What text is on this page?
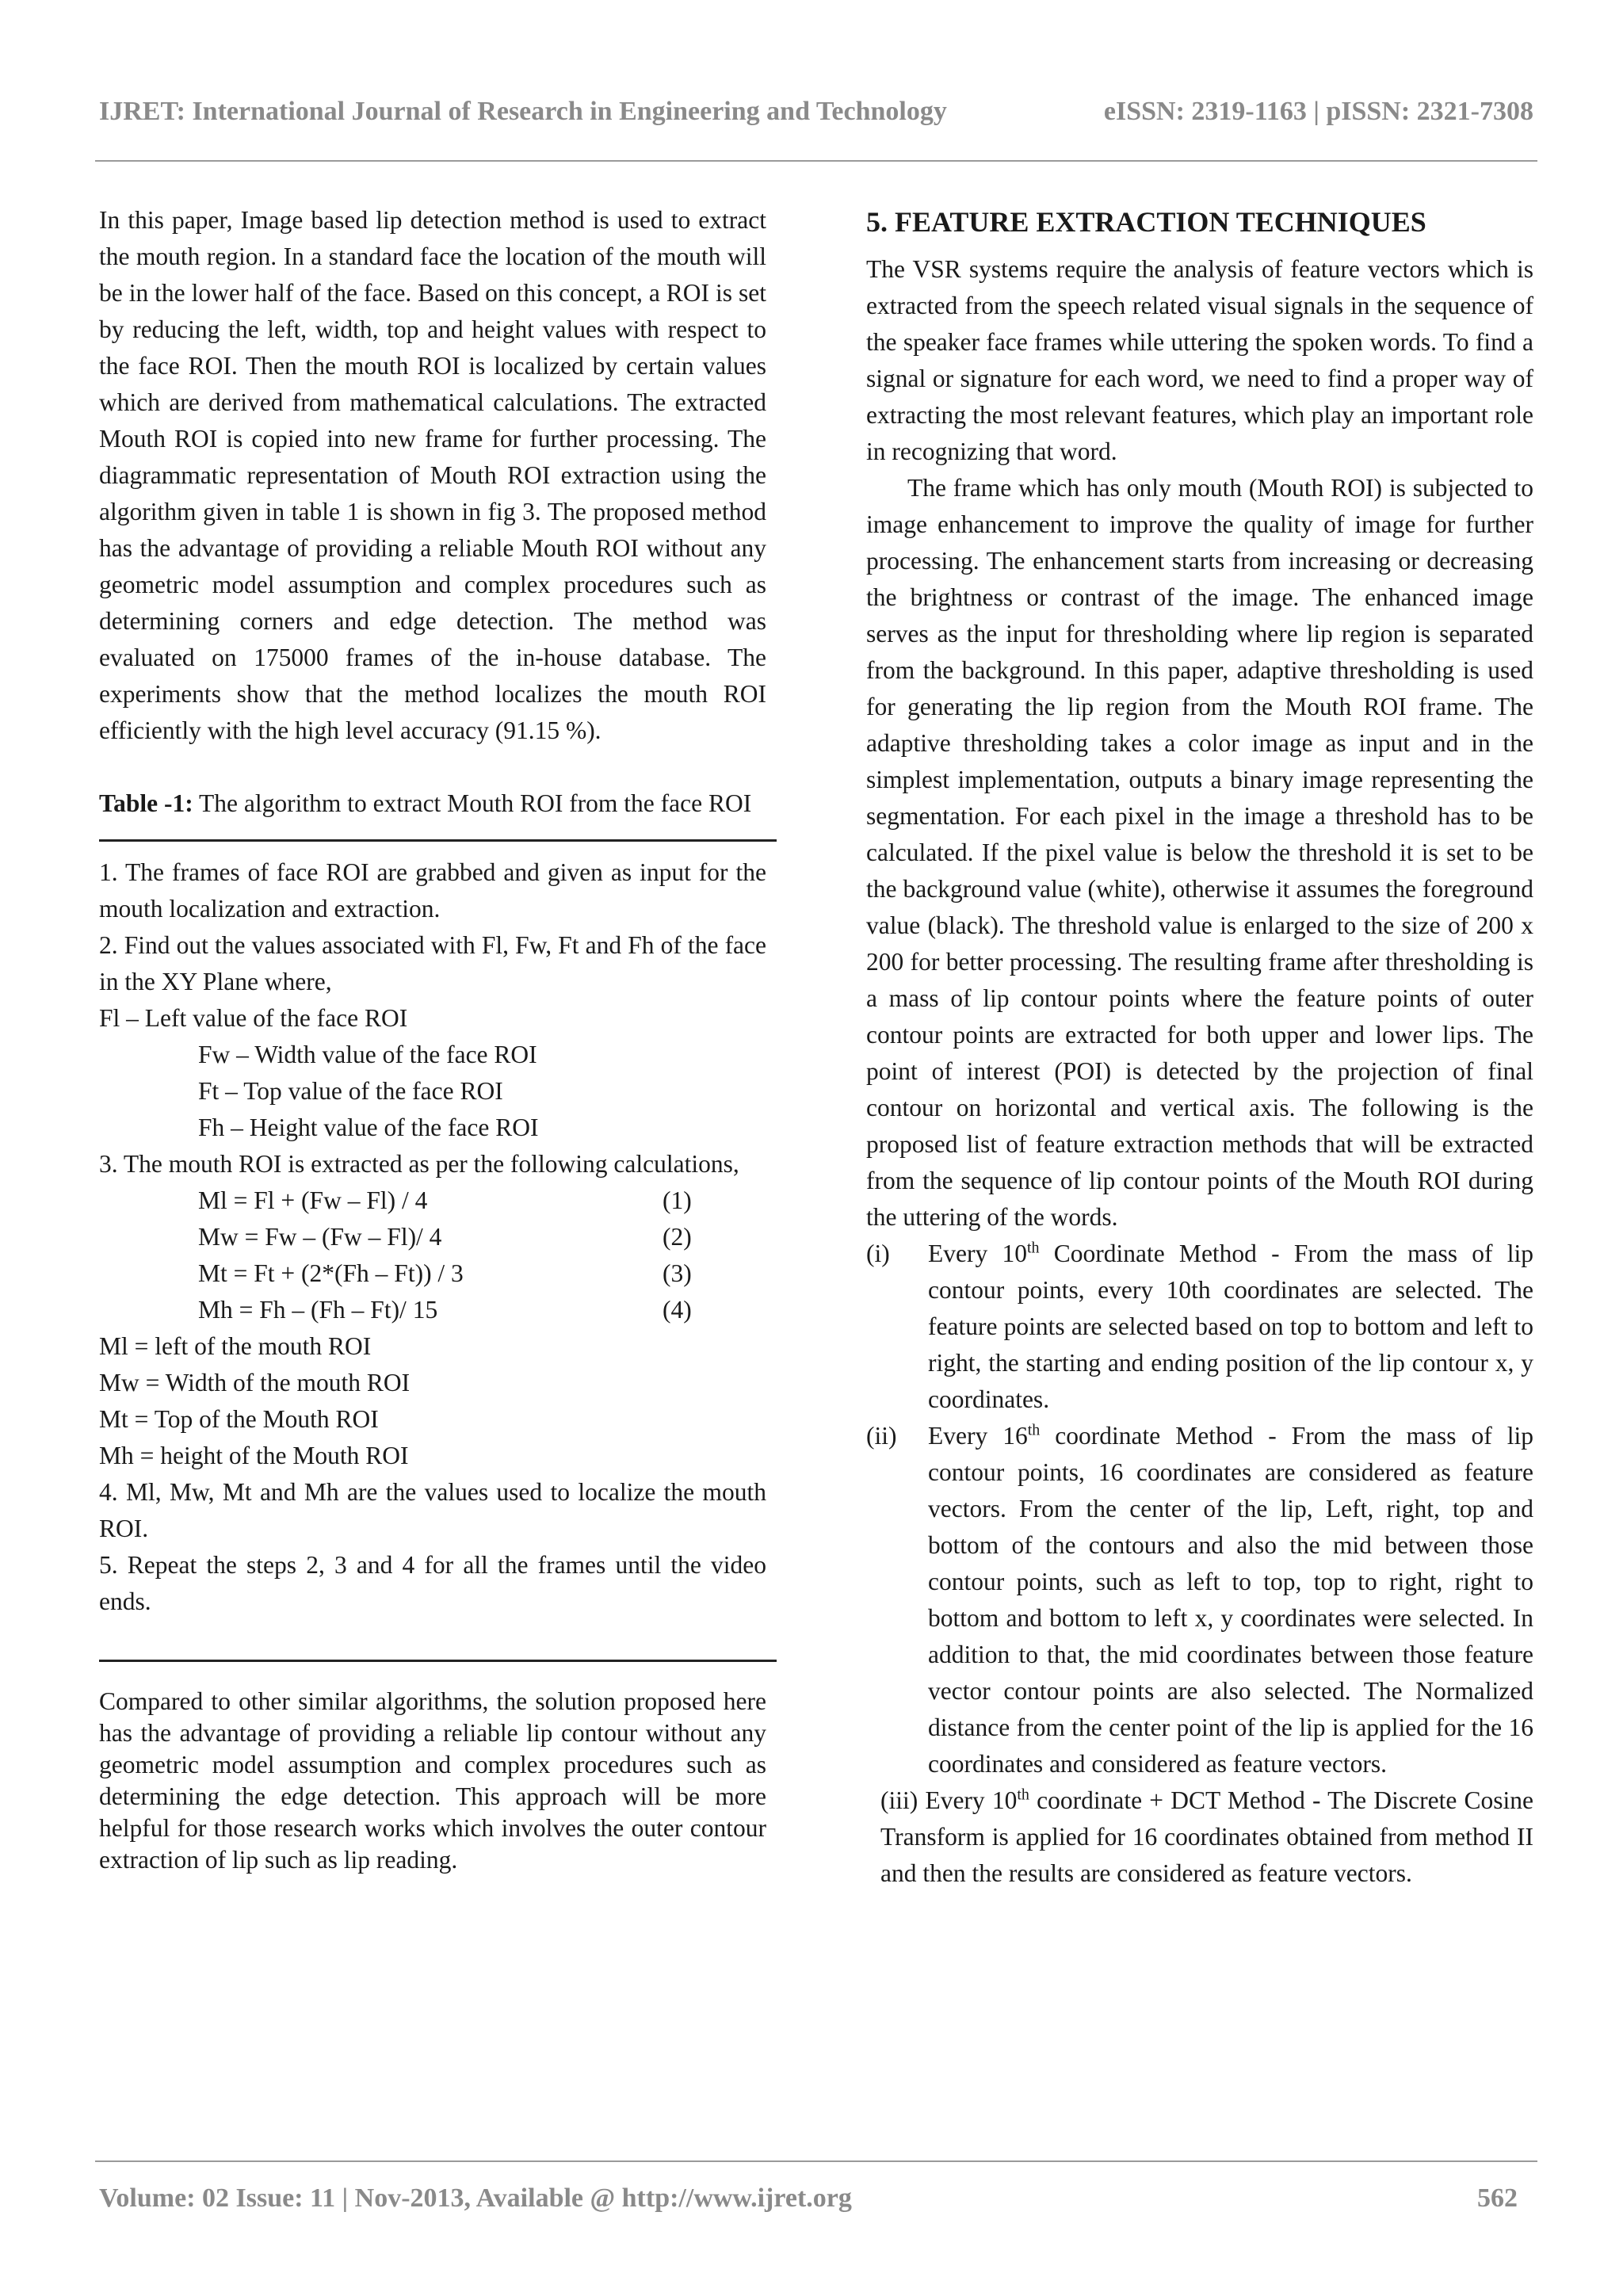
IJRET: International Journal of Research in Engineering and Technology	eISSN: 2319-1163 | pISSN: 2321-7308

In this paper, Image based lip detection method is used to extract the mouth region. In a standard face the location of the mouth will be in the lower half of the face. Based on this concept, a ROI is set by reducing the left, width, top and height values with respect to the face ROI. Then the mouth ROI is localized by certain values which are derived from mathematical calculations. The extracted Mouth ROI is copied into new frame for further processing. The diagrammatic representation of Mouth ROI extraction using the algorithm given in table 1 is shown in fig 3. The proposed method has the advantage of providing a reliable Mouth ROI without any geometric model assumption and complex procedures such as determining corners and edge detection. The method was evaluated on 175000 frames of the in-house database. The experiments show that the method localizes the mouth ROI efficiently with the high level accuracy (91.15 %).

Table -1: The algorithm to extract Mouth ROI from the face ROI

1. The frames of face ROI are grabbed and given as input for the mouth localization and extraction.
2. Find out the values associated with Fl, Fw, Ft and Fh of the face in the XY Plane where,
Fl – Left value of the face ROI
Fw – Width value of the face ROI
Ft – Top value of the face ROI
Fh – Height value of the face ROI
3. The mouth ROI is extracted as per the following calculations,
Ml = Fl + (Fw – Fl) / 4	(1)
Mw = Fw – (Fw – Fl)/ 4	(2)
Mt = Ft + (2*(Fh – Ft)) / 3	(3)
Mh = Fh – (Fh – Ft)/ 15	(4)
Ml = left of the mouth ROI
Mw = Width of the mouth ROI
Mt = Top of the Mouth ROI
Mh = height of the Mouth ROI
4. Ml, Mw, Mt and Mh are the values used to localize the mouth ROI.
5. Repeat the steps 2, 3 and 4 for all the frames until the video ends.

Compared to other similar algorithms, the solution proposed here has the advantage of providing a reliable lip contour without any geometric model assumption and complex procedures such as determining the edge detection. This approach will be more helpful for those research works which involves the outer contour extraction of lip such as lip reading.

5. FEATURE EXTRACTION TECHNIQUES

The VSR systems require the analysis of feature vectors which is extracted from the speech related visual signals in the sequence of the speaker face frames while uttering the spoken words. To find a signal or signature for each word, we need to find a proper way of extracting the most relevant features, which play an important role in recognizing that word.

The frame which has only mouth (Mouth ROI) is subjected to image enhancement to improve the quality of image for further processing. The enhancement starts from increasing or decreasing the brightness or contrast of the image. The enhanced image serves as the input for thresholding where lip region is separated from the background. In this paper, adaptive thresholding is used for generating the lip region from the Mouth ROI frame. The adaptive thresholding takes a color image as input and in the simplest implementation, outputs a binary image representing the segmentation. For each pixel in the image a threshold has to be calculated. If the pixel value is below the threshold it is set to be the background value (white), otherwise it assumes the foreground value (black). The threshold value is enlarged to the size of 200 x 200 for better processing. The resulting frame after thresholding is a mass of lip contour points where the feature points of outer contour points are extracted for both upper and lower lips. The point of interest (POI) is detected by the projection of final contour on horizontal and vertical axis. The following is the proposed list of feature extraction methods that will be extracted from the sequence of lip contour points of the Mouth ROI during the uttering of the words.

(i)	Every 10th Coordinate Method - From the mass of lip contour points, every 10th coordinates are selected. The feature points are selected based on top to bottom and left to right, the starting and ending position of the lip contour x, y coordinates.
(ii)	Every 16th coordinate Method - From the mass of lip contour points, 16 coordinates are considered as feature vectors. From the center of the lip, Left, right, top and bottom of the contours and also the mid between those contour points, such as left to top, top to right, right to bottom and bottom to left x, y coordinates were selected. In addition to that, the mid coordinates between those feature vector contour points are also selected. The Normalized distance from the center point of the lip is applied for the 16 coordinates and considered as feature vectors.
(iii) Every 10th coordinate + DCT Method - The Discrete Cosine Transform is applied for 16 coordinates obtained from method II and then the results are considered as feature vectors.
Volume: 02 Issue: 11 | Nov-2013, Available @ http://www.ijret.org	562
